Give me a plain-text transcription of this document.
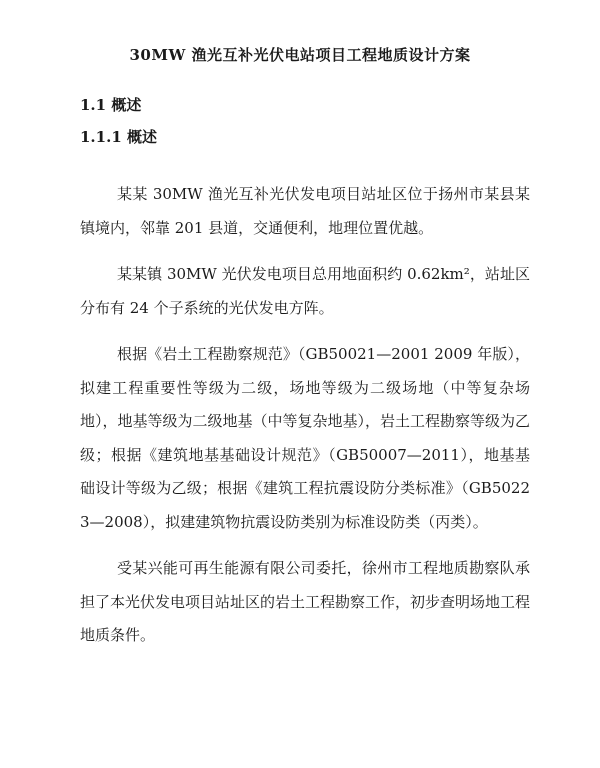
30MW 渔光互补光伏电站项目工程地质设计方案
1.1 概述
1.1.1 概述

某某 30MW 渔光互补光伏发电项目站址区位于扬州市某县某镇境内，邻靠 201 县道，交通便利，地理位置优越。

某某镇 30MW 光伏发电项目总用地面积约 0.62km²，站址区分布有 24 个子系统的光伏发电方阵。

根据《岩土工程勘察规范》（GB50021—2001 2009 年版），拟建工程重要性等级为二级，场地等级为二级场地（中等复杂场地），地基等级为二级地基（中等复杂地基），岩土工程勘察等级为乙级；根据《建筑地基基础设计规范》（GB50007—2011），地基基础设计等级为乙级；根据《建筑工程抗震设防分类标准》（GB50223—2008），拟建建筑物抗震设防类别为标准设防类（丙类）。

受某兴能可再生能源有限公司委托，徐州市工程地质勘察队承担了本光伏发电项目站址区的岩土工程勘察工作，初步查明场地工程地质条件。
